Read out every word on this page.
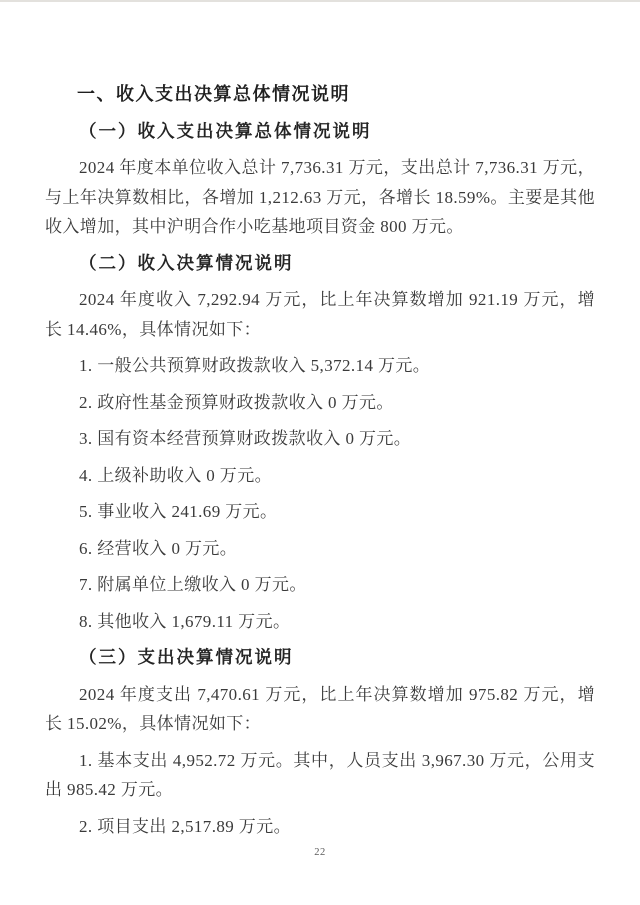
一、收入支出决算总体情况说明
（一）收入支出决算总体情况说明
2024 年度本单位收入总计 7,736.31 万元，支出总计 7,736.31 万元，与上年决算数相比，各增加 1,212.63 万元，各增长 18.59%。主要是其他收入增加，其中沪明合作小吃基地项目资金 800 万元。
（二）收入决算情况说明
2024 年度收入 7,292.94 万元，比上年决算数增加 921.19 万元，增长 14.46%，具体情况如下：
1. 一般公共预算财政拨款收入 5,372.14 万元。
2. 政府性基金预算财政拨款收入 0 万元。
3. 国有资本经营预算财政拨款收入 0 万元。
4. 上级补助收入 0 万元。
5. 事业收入 241.69 万元。
6. 经营收入 0 万元。
7. 附属单位上缴收入 0 万元。
8. 其他收入 1,679.11 万元。
（三）支出决算情况说明
2024 年度支出 7,470.61 万元，比上年决算数增加 975.82 万元，增长 15.02%，具体情况如下：
1. 基本支出 4,952.72 万元。其中，人员支出 3,967.30 万元，公用支出 985.42 万元。
2. 项目支出 2,517.89 万元。
22
